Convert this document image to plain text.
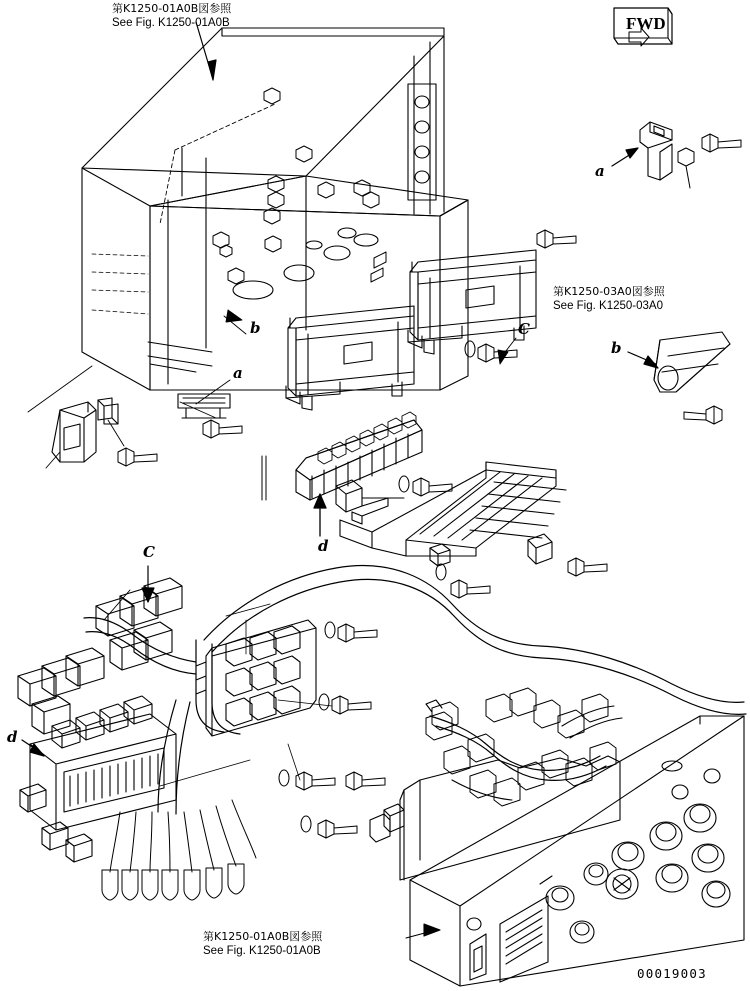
第K1250-01A0B図参照
See Fig. K1250-01A0B
第K1250-03A0図参照
See Fig. K1250-03A0
第K1250-01A0B図参照
See Fig. K1250-01A0B
FWD
a
a
b
b
C
C	d
d
00019003
